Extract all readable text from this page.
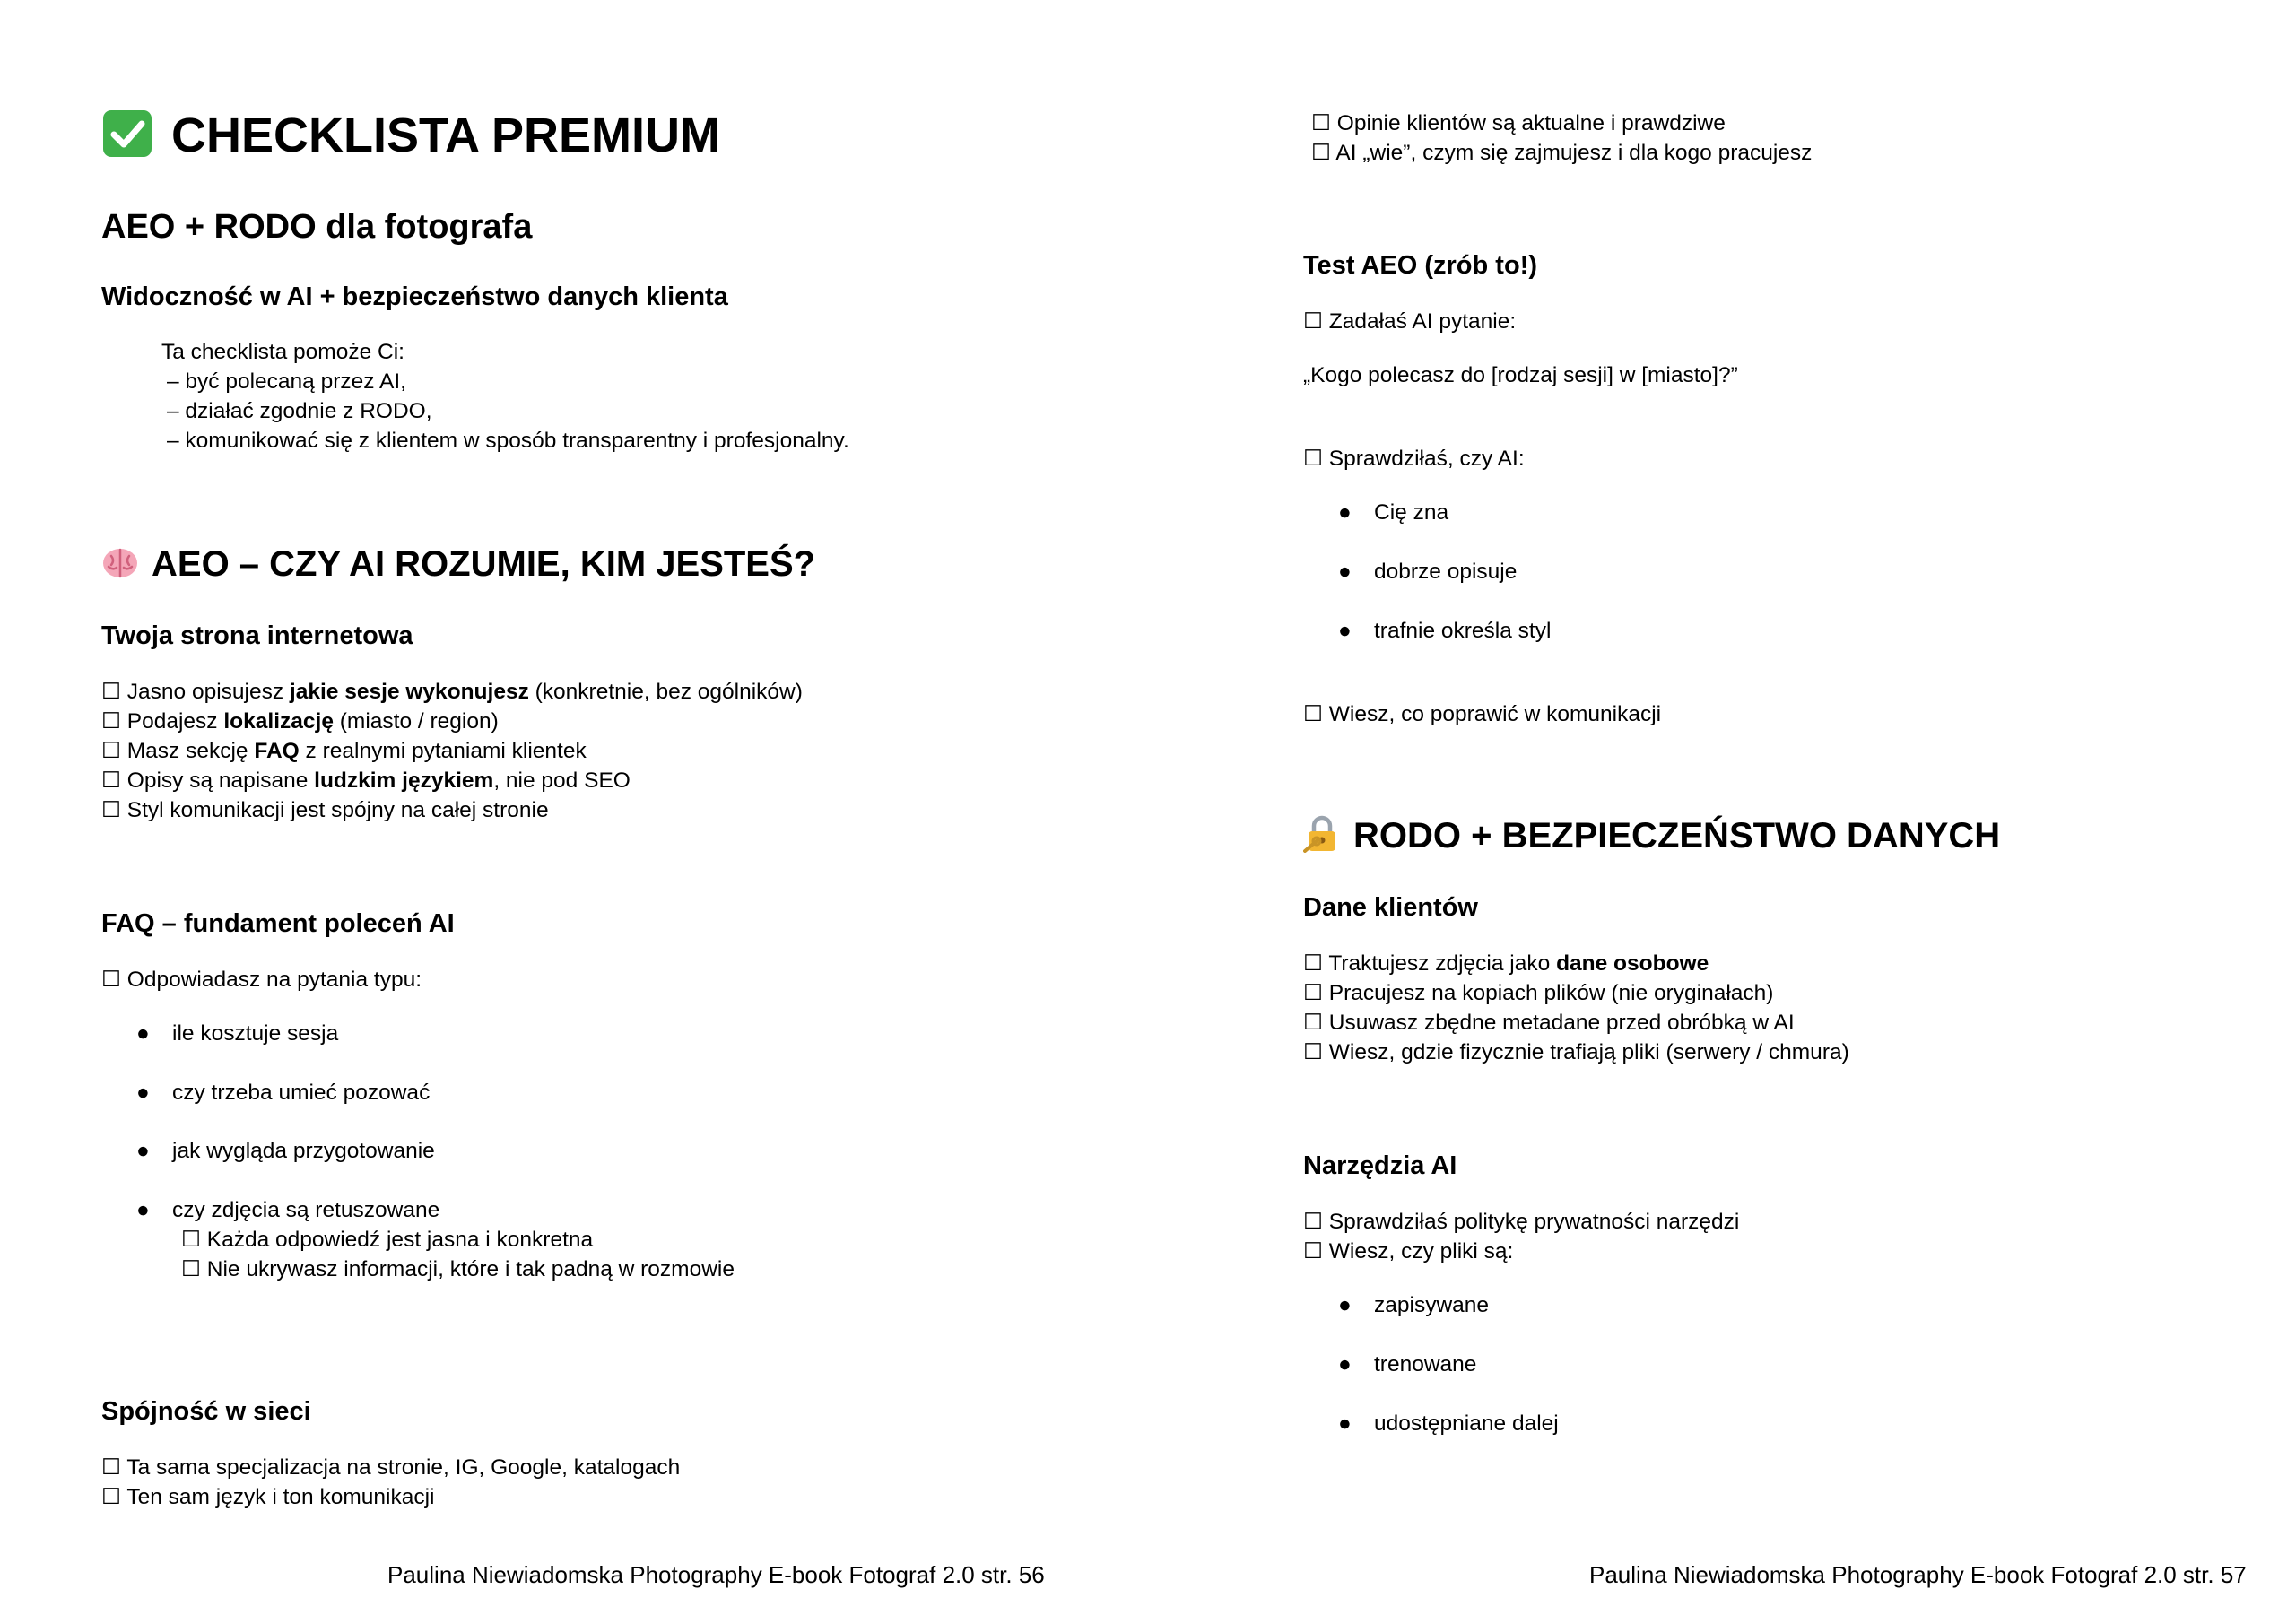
CHECKLISTA PREMIUM
AEO + RODO dla fotografa
Widoczność w AI + bezpieczeństwo danych klienta
Ta checklista pomoże Ci:
– być polecaną przez AI,
– działać zgodnie z RODO,
– komunikować się z klientem w sposób transparentny i profesjonalny.
AEO – CZY AI ROZUMIE, KIM JESTEŚ?
Twoja strona internetowa
☐ Jasno opisujesz jakie sesje wykonujesz (konkretnie, bez ogólników)
☐ Podajesz lokalizację (miasto / region)
☐ Masz sekcję FAQ z realnymi pytaniami klientek
☐ Opisy są napisane ludzkim językiem, nie pod SEO
☐ Styl komunikacji jest spójny na całej stronie
FAQ – fundament poleceń AI
☐ Odpowiadasz na pytania typu:
● ile kosztuje sesja
● czy trzeba umieć pozować
● jak wygląda przygotowanie
● czy zdjęcia są retuszowane
☐ Każda odpowiedź jest jasna i konkretna
☐ Nie ukrywasz informacji, które i tak padną w rozmowie
Spójność w sieci
☐ Ta sama specjalizacja na stronie, IG, Google, katalogach
☐ Ten sam język i ton komunikacji
Paulina Niewiadomska Photography E-book Fotograf 2.0 str. 56
☐ Opinie klientów są aktualne i prawdziwe
☐ AI „wie”, czym się zajmujesz i dla kogo pracujesz
Test AEO (zrób to!)
☐ Zadałaś AI pytanie:
„Kogo polecasz do [rodzaj sesji] w [miasto]?”
☐ Sprawdziłaś, czy AI:
● Cię zna
● dobrze opisuje
● trafnie określa styl
☐ Wiesz, co poprawić w komunikacji
RODO + BEZPIECZEŃSTWO DANYCH
Dane klientów
☐ Traktujesz zdjęcia jako dane osobowe
☐ Pracujesz na kopiach plików (nie oryginałach)
☐ Usuwasz zbędne metadane przed obróbką w AI
☐ Wiesz, gdzie fizycznie trafiają pliki (serwery / chmura)
Narzędzia AI
☐ Sprawdziłaś politykę prywatności narzędzi
☐ Wiesz, czy pliki są:
● zapisywane
● trenowane
● udostępniane dalej
Paulina Niewiadomska Photography E-book Fotograf 2.0 str. 57
